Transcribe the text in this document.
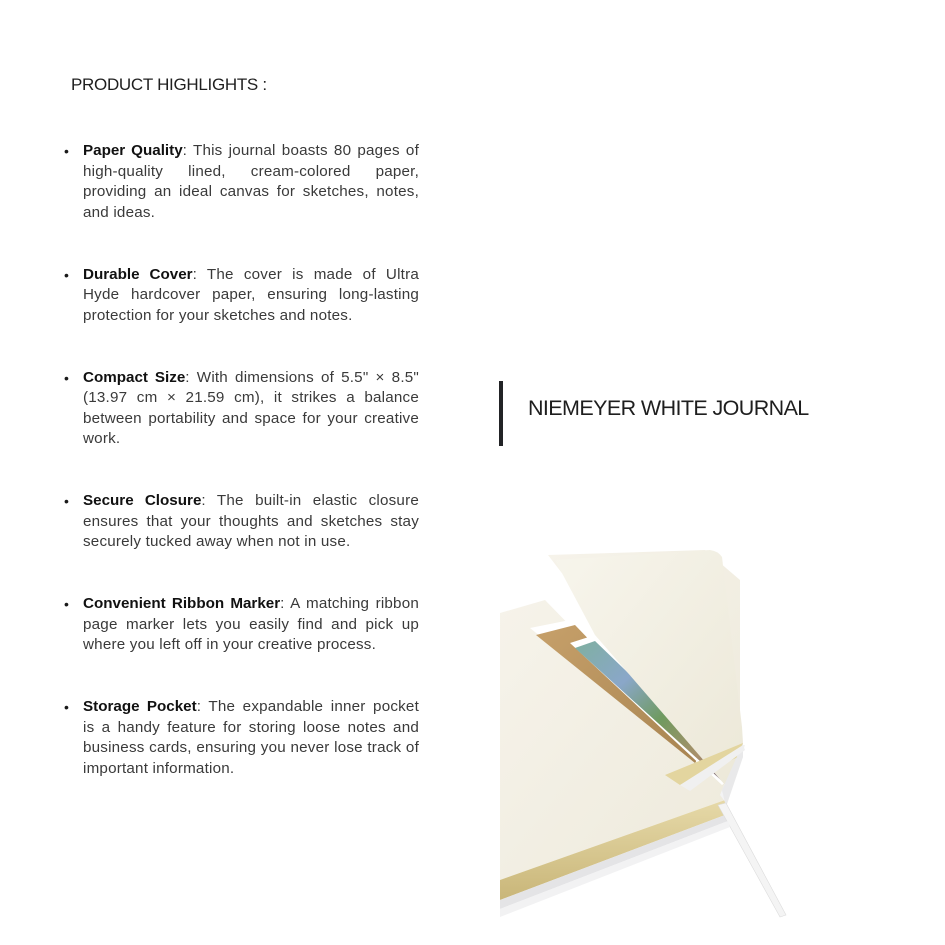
PRODUCT HIGHLIGHTS :
• Paper Quality: This journal boasts 80 pages of high-quality lined, cream-colored paper, providing an ideal canvas for sketches, notes, and ideas.
• Durable Cover: The cover is made of Ultra Hyde hardcover paper, ensuring long-lasting protection for your sketches and notes.
• Compact Size: With dimensions of 5.5" × 8.5" (13.97 cm × 21.59 cm), it strikes a balance between portability and space for your creative work.
• Secure Closure: The built-in elastic closure ensures that your thoughts and sketches stay securely tucked away when not in use.
• Convenient Ribbon Marker: A matching ribbon page marker lets you easily find and pick up where you left off in your creative process.
• Storage Pocket: The expandable inner pocket is a handy feature for storing loose notes and business cards, ensuring you never lose track of important information.
NIEMEYER WHITE JOURNAL
